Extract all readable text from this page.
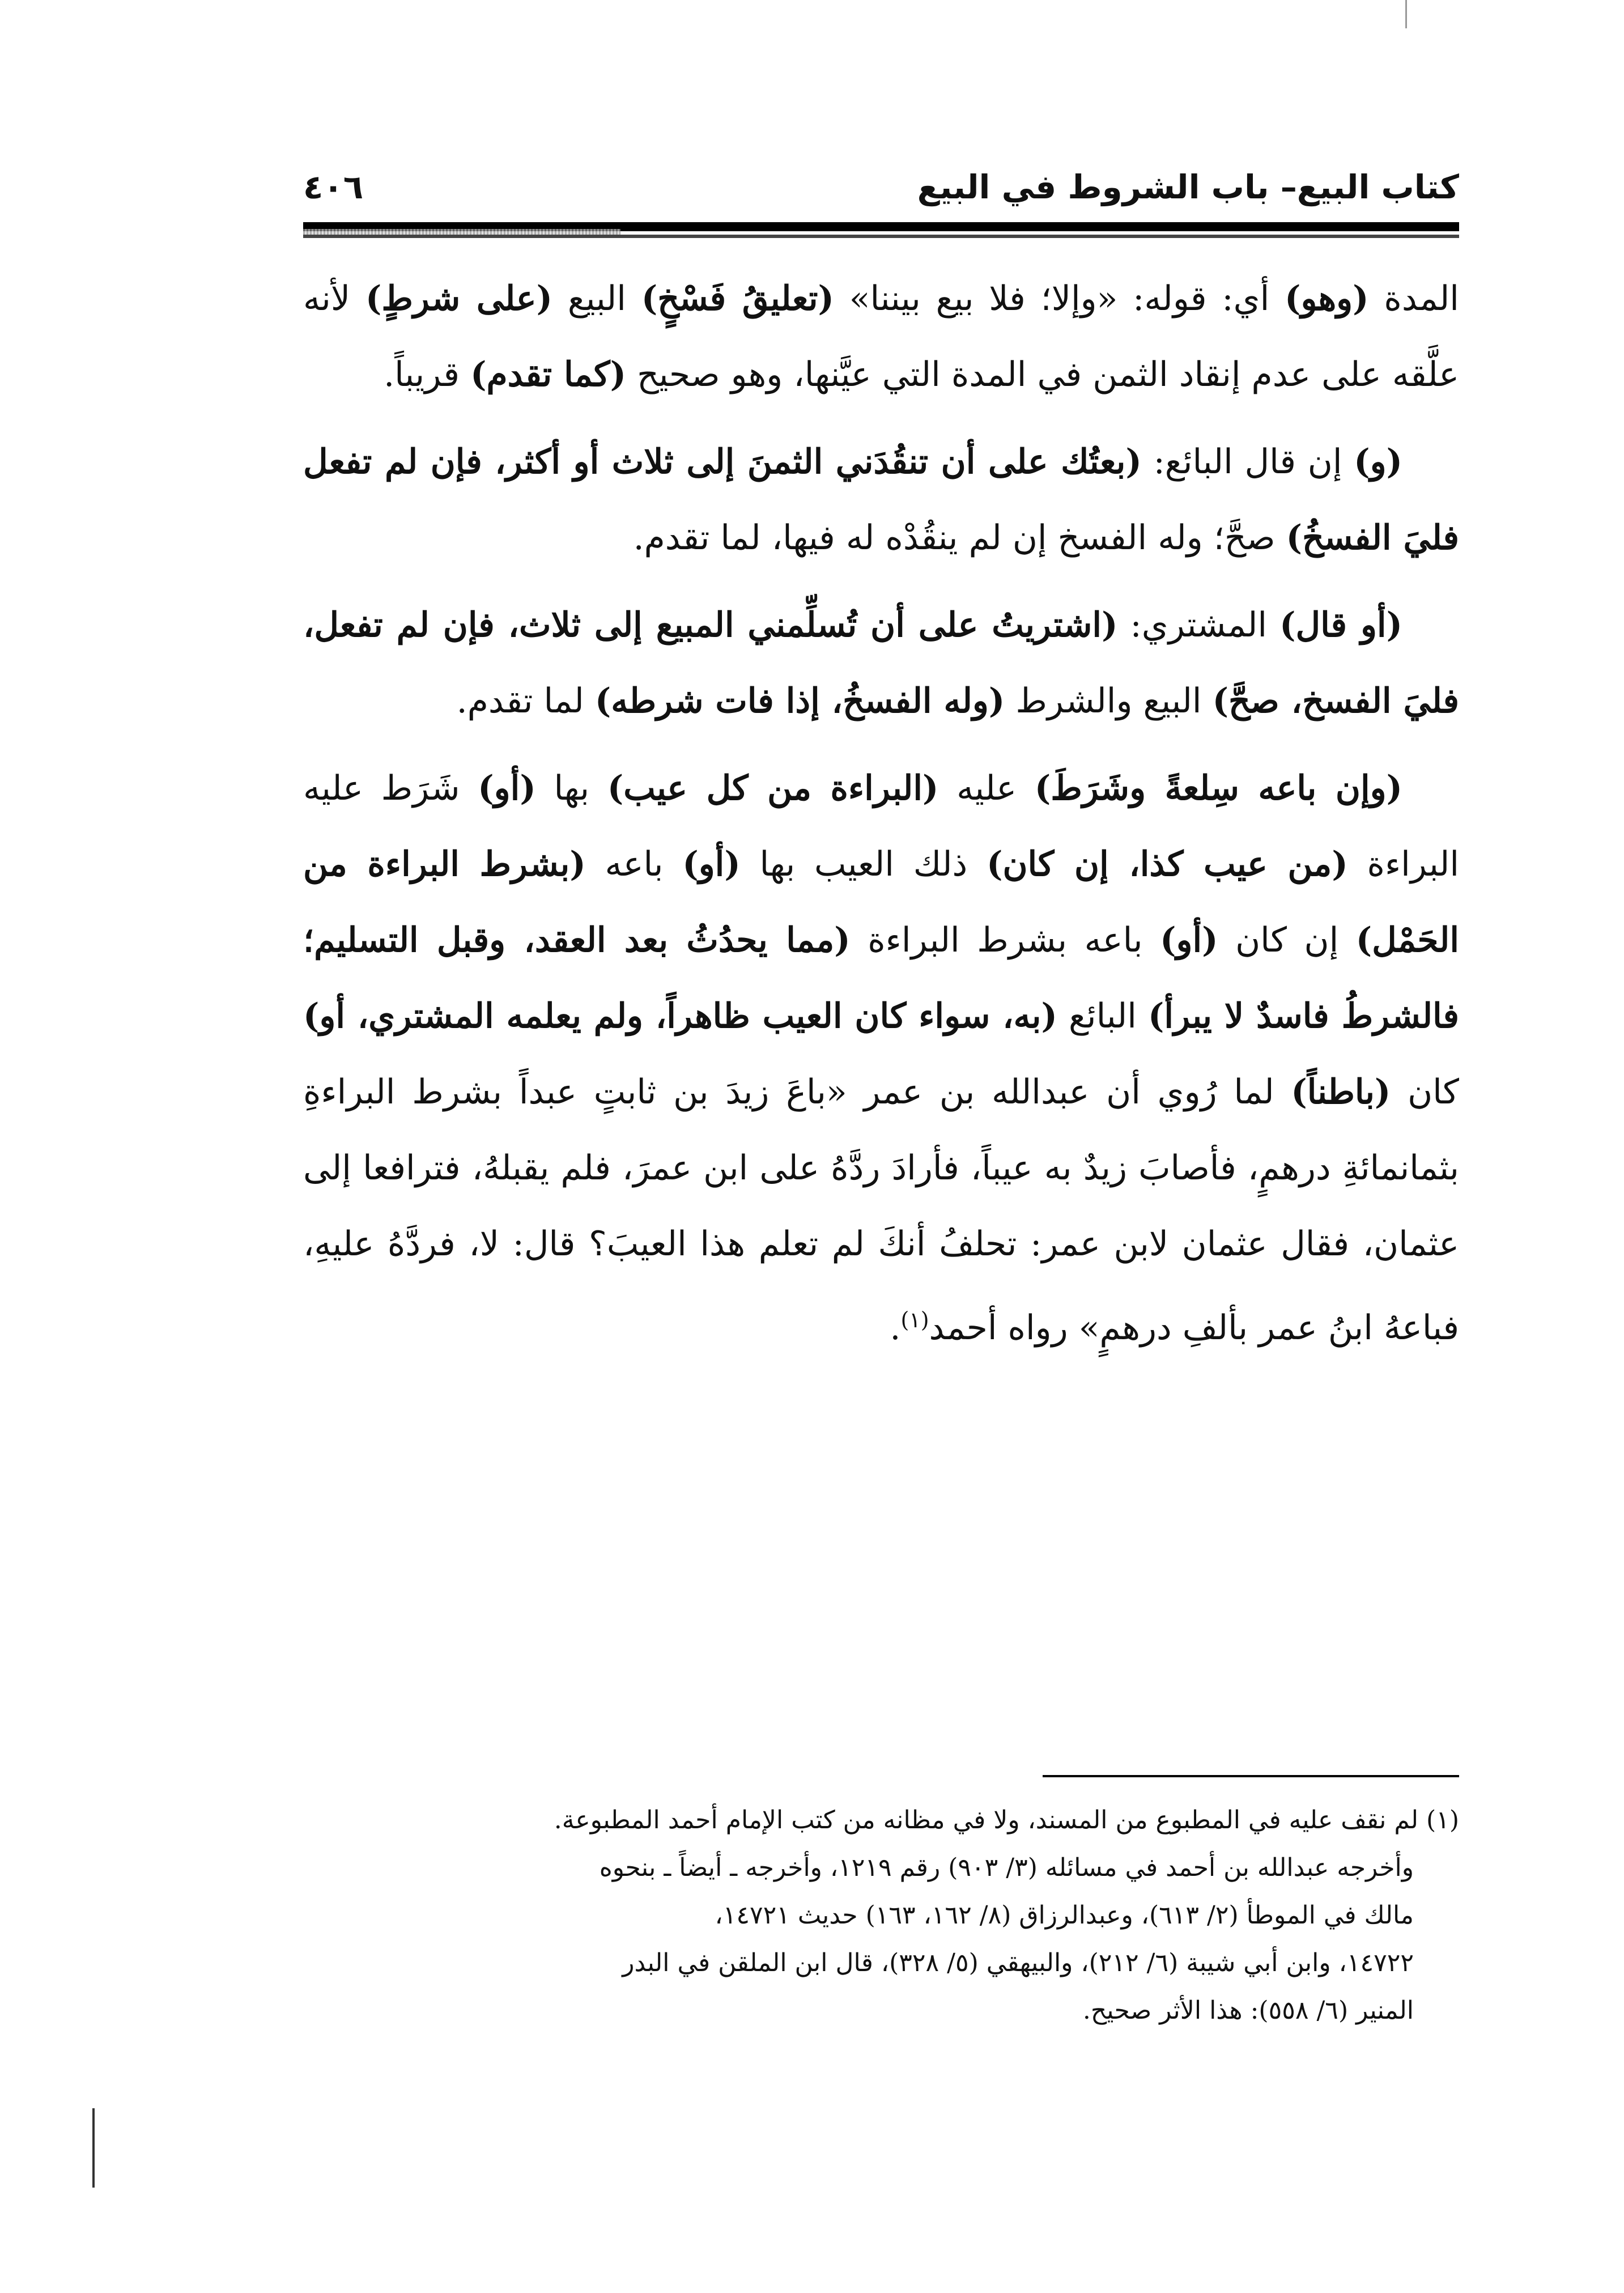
كتاب البيع– باب الشروط في البيع
٤٠٦

المدة (وهو) أي: قوله: «وإلا؛ فلا بيع بيننا» (تعليقُ فَسْخٍ) البيع (على شرطٍ) لأنه علَّقه على عدم إنقاد الثمن في المدة التي عيَّنها، وهو صحيح (كما تقدم) قريباً.

(و) إن قال البائع: (بعتُك على أن تنقُدَني الثمنَ إلى ثلاث أو أكثر، فإن لم تفعل فليَ الفسخُ) صحَّ؛ وله الفسخ إن لم ينقُدْه له فيها، لما تقدم.

(أو قال) المشتري: (اشتريتُ على أن تُسلِّمني المبيع إلى ثلاث، فإن لم تفعل، فليَ الفسخ، صحَّ) البيع والشرط (وله الفسخُ، إذا فات شرطه) لما تقدم.

(وإن باعه سِلعةً وشَرَطَ) عليه (البراءة من كل عيب) بها (أو) شَرَط عليه البراءة (من عيب كذا، إن كان) ذلك العيب بها (أو) باعه (بشرط البراءة من الحَمْل) إن كان (أو) باعه بشرط البراءة (مما يحدُثُ بعد العقد، وقبل التسليم؛ فالشرطُ فاسدٌ لا يبرأ) البائع (به، سواء كان العيب ظاهراً، ولم يعلمه المشتري، أو) كان (باطناً) لما رُوي أن عبدالله بن عمر «باعَ زيدَ بن ثابتٍ عبداً بشرط البراءةِ بثمانمائةِ درهمٍ، فأصابَ زيدٌ به عيباً، فأرادَ ردَّهُ على ابن عمرَ، فلم يقبلهُ، فترافعا إلى عثمان، فقال عثمان لابن عمر: تحلفُ أنكَ لم تعلم هذا العيبَ؟ قال: لا، فردَّهُ عليهِ، فباعهُ ابنُ عمر بألفِ درهمٍ» رواه أحمد$^{(١)}$.

(١) لم نقف عليه في المطبوع من المسند، ولا في مظانه من كتب الإمام أحمد المطبوعة.
وأخرجه عبدالله بن أحمد في مسائله (٣/ ٩٠٣) رقم ١٢١٩، وأخرجه ـ أيضاً ـ بنحوه
مالك في الموطأ (٢/ ٦١٣)، وعبدالرزاق (٨/ ١٦٢، ١٦٣) حديث ١٤٧٢١،
١٤٧٢٢، وابن أبي شيبة (٦/ ٢١٢)، والبيهقي (٥/ ٣٢٨)، قال ابن الملقن في البدر
المنير (٦/ ٥٥٨): هذا الأثر صحيح.
